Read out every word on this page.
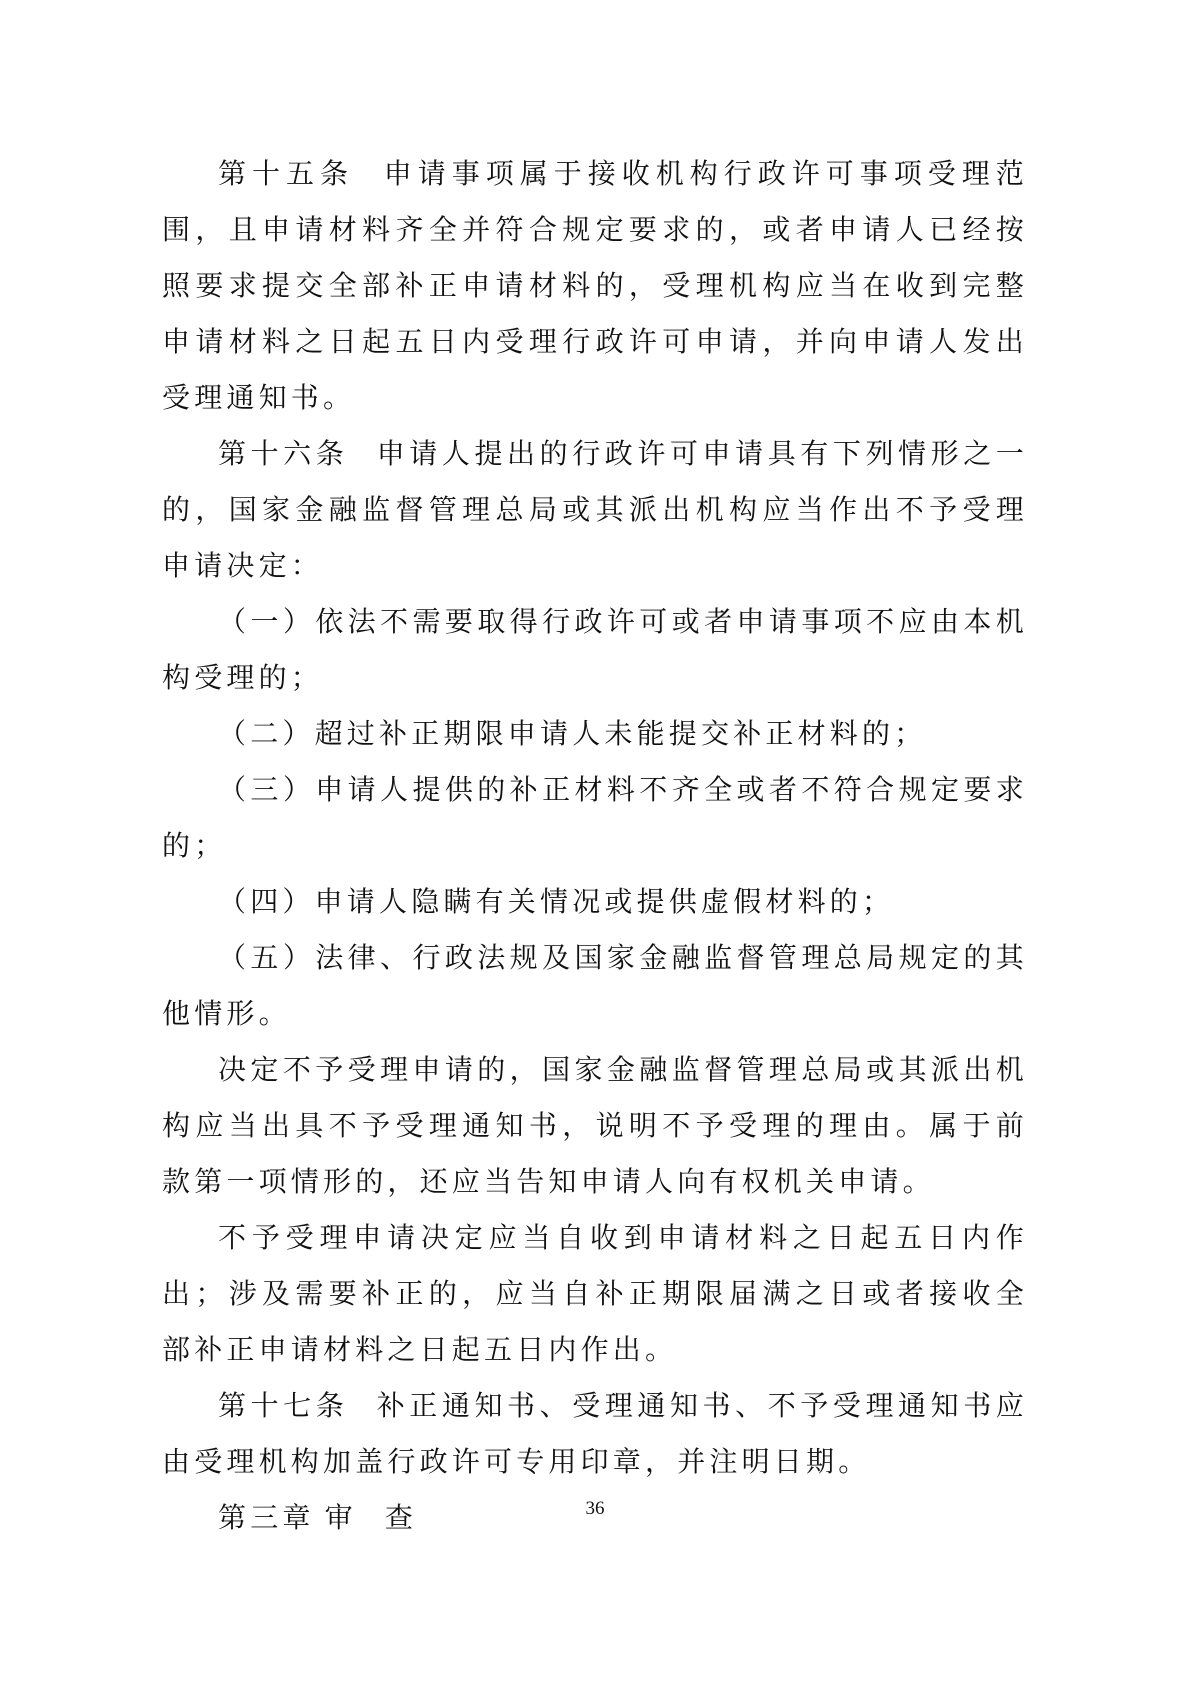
第十五条 申请事项属于接收机构行政许可事项受理范围，且申请材料齐全并符合规定要求的，或者申请人已经按照要求提交全部补正申请材料的，受理机构应当在收到完整申请材料之日起五日内受理行政许可申请，并向申请人发出受理通知书。

第十六条 申请人提出的行政许可申请具有下列情形之一的，国家金融监督管理总局或其派出机构应当作出不予受理申请决定：

（一）依法不需要取得行政许可或者申请事项不应由本机构受理的；

（二）超过补正期限申请人未能提交补正材料的；

（三）申请人提供的补正材料不齐全或者不符合规定要求的；

（四）申请人隐瞒有关情况或提供虚假材料的；

（五）法律、行政法规及国家金融监督管理总局规定的其他情形。

决定不予受理申请的，国家金融监督管理总局或其派出机构应当出具不予受理通知书，说明不予受理的理由。属于前款第一项情形的，还应当告知申请人向有权机关申请。

不予受理申请决定应当自收到申请材料之日起五日内作出；涉及需要补正的，应当自补正期限届满之日或者接收全部补正申请材料之日起五日内作出。

第十七条 补正通知书、受理通知书、不予受理通知书应由受理机构加盖行政许可专用印章，并注明日期。

第三章 审 查	36
